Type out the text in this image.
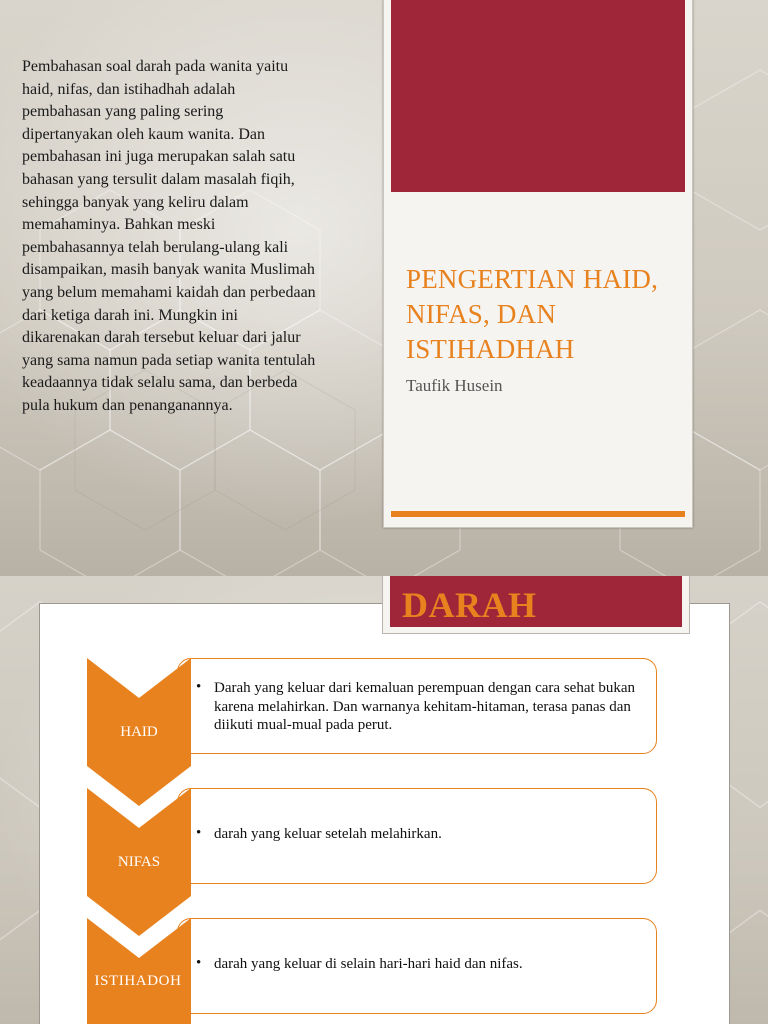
Pembahasan soal darah pada wanita yaitu
haid, nifas, dan istihadhah adalah
pembahasan yang paling sering
dipertanyakan oleh kaum wanita. Dan
pembahasan ini juga merupakan salah satu
bahasan yang tersulit dalam masalah fiqih,
sehingga banyak yang keliru dalam
memahaminya. Bahkan meski
pembahasannya telah berulang-ulang kali
disampaikan, masih banyak wanita Muslimah
yang belum memahami kaidah dan perbedaan
dari ketiga darah ini. Mungkin ini
dikarenakan darah tersebut keluar dari jalur
yang sama namun pada setiap wanita tentulah
keadaannya tidak selalu sama, dan berbeda
pula hukum dan penanganannya.

PENGERTIAN HAID, NIFAS, DAN ISTIHADHAH

Taufik Husein

DARAH
• Darah yang keluar dari kemaluan perempuan dengan cara sehat bukan karena melahirkan. Dan warnanya kehitam-hitaman, terasa panas dan diikuti mual-mual pada perut.

HAID

• darah yang keluar setelah melahirkan.

NIFAS

• darah yang keluar di selain hari-hari haid dan nifas.

ISTIHADOH
